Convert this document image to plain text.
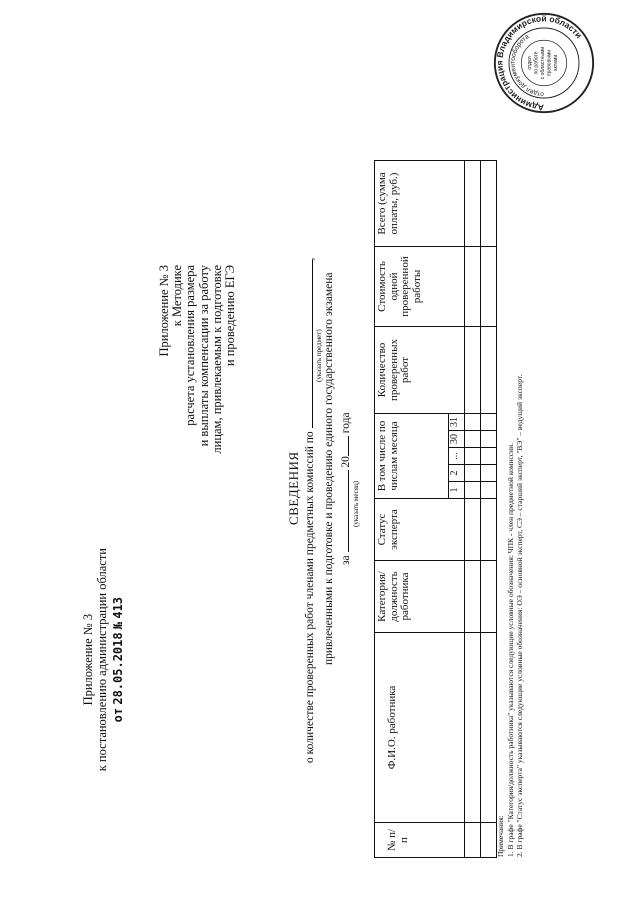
Приложение № 3 к постановлению администрации области от 28.05.2018 № 413
Приложение № 3 к Методике расчета установления размера и выплаты компенсации за работу лицам, привлекаемым к подготовке и проведению ЕГЭ
Администрация Владимирской области
отдел документооборота
отдел по работе с областными правовыми актами
СВЕДЕНИЯ о количестве проверенных работ членами предметных комиссий по ,
(указать предмет) привлеченными к подготовке и проведению единого государственного экзамена за  20 года
(указать месяц)
№ п/п	Ф.И.О. работника	Категория/ должность работника	Статус эксперта	В том числе по числам месяца					Количество проверенных работ	Стоимость одной проверенной работы	Всего (сумма оплаты, руб.)
				1	2	...	30	31			

Примечания: 1. В графе "Категория/должность работника" указываются следующие условные обозначения: ЧПК - член предметной комиссии. 2. В графе "Статус эксперта" указываются следующие условные обозначения: ОЭ – основной эксперт, СЭ – старший эксперт, "ВЭ" – ведущий эксперт.
